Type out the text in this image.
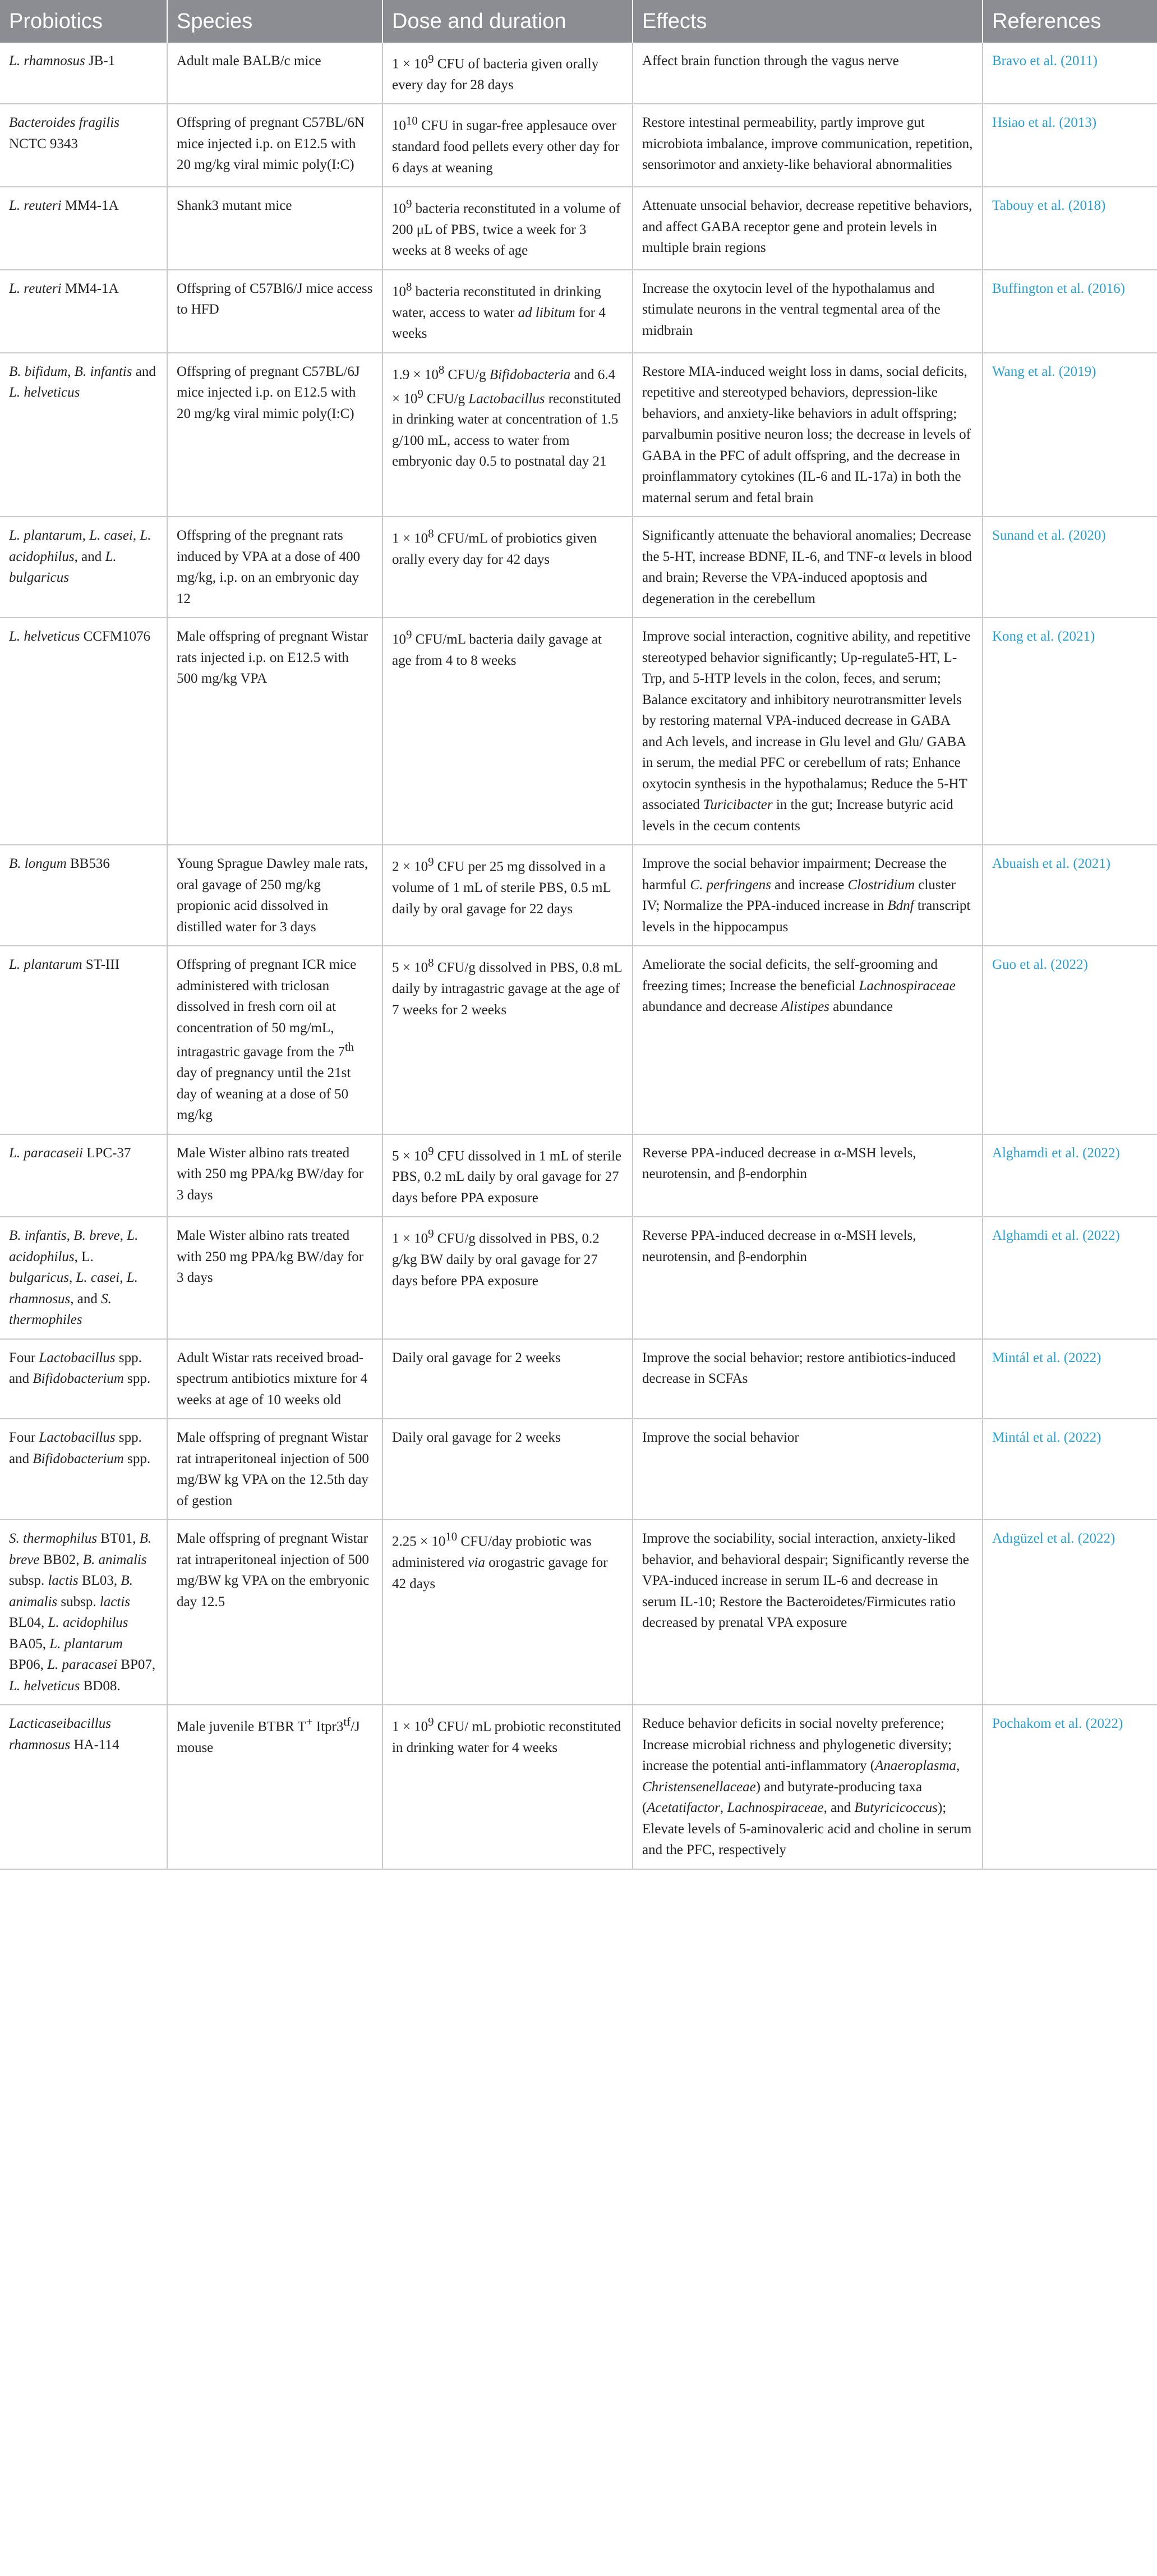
Probiotics	Species	Dose and duration	Effects	References
L. rhamnosus JB-1	Adult male BALB/c mice	$1 \times 10^9$ CFU of bacteria given orally every day for 28 days	Affect brain function through the vagus nerve	Bravo et al. (2011)
Bacteroides fragilis NCTC 9343	Offspring of pregnant C57BL/6N mice injected i.p. on E12.5 with 20 mg/kg viral mimic poly(I:C)	$10^{10}$ CFU in sugar-free applesauce over standard food pellets every other day for 6 days at weaning	Restore intestinal permeability, partly improve gut microbiota imbalance, improve communication, repetition, sensorimotor and anxiety-like behavioral abnormalities	Hsiao et al. (2013)
L. reuteri MM4-1A	Shank3 mutant mice	$10^9$ bacteria reconstituted in a volume of 200 μL of PBS, twice a week for 3 weeks at 8 weeks of age	Attenuate unsocial behavior, decrease repetitive behaviors, and affect GABA receptor gene and protein levels in multiple brain regions	Tabouy et al. (2018)
L. reuteri MM4-1A	Offspring of C57Bl6/J mice access to HFD	$10^8$ bacteria reconstituted in drinking water, access to water ad libitum for 4 weeks	Increase the oxytocin level of the hypothalamus and stimulate neurons in the ventral tegmental area of the midbrain	Buffington et al. (2016)
B. bifidum, B. infantis and L. helveticus	Offspring of pregnant C57BL/6J mice injected i.p. on E12.5 with 20 mg/kg viral mimic poly(I:C)	$1.9 \times 10^8$ CFU/g Bifidobacteria and $6.4 \times 10^9$ CFU/g Lactobacillus reconstituted in drinking water at concentration of 1.5 g/100 mL, access to water from embryonic day 0.5 to postnatal day 21	Restore MIA-induced weight loss in dams, social deficits, repetitive and stereotyped behaviors, depression-like behaviors, and anxiety-like behaviors in adult offspring; parvalbumin positive neuron loss; the decrease in levels of GABA in the PFC of adult offspring, and the decrease in proinflammatory cytokines (IL-6 and IL-17a) in both the maternal serum and fetal brain	Wang et al. (2019)
L. plantarum, L. casei, L. acidophilus, and L. bulgaricus	Offspring of the pregnant rats induced by VPA at a dose of 400 mg/kg, i.p. on an embryonic day 12	$1 \times 10^8$ CFU/mL of probiotics given orally every day for 42 days	Significantly attenuate the behavioral anomalies; Decrease the 5-HT, increase BDNF, IL-6, and TNF-α levels in blood and brain; Reverse the VPA-induced apoptosis and degeneration in the cerebellum	Sunand et al. (2020)
L. helveticus CCFM1076	Male offspring of pregnant Wistar rats injected i.p. on E12.5 with 500 mg/kg VPA	$10^9$ CFU/mL bacteria daily gavage at age from 4 to 8 weeks	Improve social interaction, cognitive ability, and repetitive stereotyped behavior significantly; Up-regulate5-HT, L-Trp, and 5-HTP levels in the colon, feces, and serum; Balance excitatory and inhibitory neurotransmitter levels by restoring maternal VPA-induced decrease in GABA and Ach levels, and increase in Glu level and Glu/ GABA in serum, the medial PFC or cerebellum of rats; Enhance oxytocin synthesis in the hypothalamus; Reduce the 5-HT associated Turicibacter in the gut; Increase butyric acid levels in the cecum contents	Kong et al. (2021)
B. longum BB536	Young Sprague Dawley male rats, oral gavage of 250 mg/kg propionic acid dissolved in distilled water for 3 days	$2 \times 10^9$ CFU per 25 mg dissolved in a volume of 1 mL of sterile PBS, 0.5 mL daily by oral gavage for 22 days	Improve the social behavior impairment; Decrease the harmful C. perfringens and increase Clostridium cluster IV; Normalize the PPA-induced increase in Bdnf transcript levels in the hippocampus	Abuaish et al. (2021)
L. plantarum ST-III	Offspring of pregnant ICR mice administered with triclosan dissolved in fresh corn oil at concentration of 50 mg/mL, intragastric gavage from the 7th day of pregnancy until the 21st day of weaning at a dose of 50 mg/kg	$5 \times 10^8$ CFU/g dissolved in PBS, 0.8 mL daily by intragastric gavage at the age of 7 weeks for 2 weeks	Ameliorate the social deficits, the self-grooming and freezing times; Increase the beneficial Lachnospiraceae abundance and decrease Alistipes abundance	Guo et al. (2022)
L. paracaseii LPC-37	Male Wister albino rats treated with 250 mg PPA/kg BW/day for 3 days	$5 \times 10^9$ CFU dissolved in 1 mL of sterile PBS, 0.2 mL daily by oral gavage for 27 days before PPA exposure	Reverse PPA-induced decrease in α-MSH levels, neurotensin, and β-endorphin	Alghamdi et al. (2022)
B. infantis, B. breve, L. acidophilus, L. bulgaricus, L. casei, L. rhamnosus, and S. thermophiles	Male Wister albino rats treated with 250 mg PPA/kg BW/day for 3 days	$1 \times 10^9$ CFU/g dissolved in PBS, 0.2 g/kg BW daily by oral gavage for 27 days before PPA exposure	Reverse PPA-induced decrease in α-MSH levels, neurotensin, and β-endorphin	Alghamdi et al. (2022)
Four Lactobacillus spp. and Bifidobacterium spp.	Adult Wistar rats received broad-spectrum antibiotics mixture for 4 weeks at age of 10 weeks old	Daily oral gavage for 2 weeks	Improve the social behavior; restore antibiotics-induced decrease in SCFAs	Mintál et al. (2022)
Four Lactobacillus spp. and Bifidobacterium spp.	Male offspring of pregnant Wistar rat intraperitoneal injection of 500 mg/BW kg VPA on the 12.5th day of gestion	Daily oral gavage for 2 weeks	Improve the social behavior	Mintál et al. (2022)
S. thermophilus BT01, B. breve BB02, B. animalis subsp. lactis BL03, B. animalis subsp. lactis BL04, L. acidophilus BA05, L. plantarum BP06, L. paracasei BP07, L. helveticus BD08.	Male offspring of pregnant Wistar rat intraperitoneal injection of 500 mg/BW kg VPA on the embryonic day 12.5	$2.25 \times 10^{10}$ CFU/day probiotic was administered via orogastric gavage for 42 days	Improve the sociability, social interaction, anxiety-liked behavior, and behavioral despair; Significantly reverse the VPA-induced increase in serum IL-6 and decrease in serum IL-10; Restore the Bacteroidetes/Firmicutes ratio decreased by prenatal VPA exposure	Adıgüzel et al. (2022)
Lacticaseibacillus rhamnosus HA-114	Male juvenile BTBR T+ $Itpr3^{tf}/J$ mouse	$1 \times 10^9$ CFU/ mL probiotic reconstituted in drinking water for 4 weeks	Reduce behavior deficits in social novelty preference; Increase microbial richness and phylogenetic diversity; increase the potential anti-inflammatory (Anaeroplasma, Christensenellaceae) and butyrate-producing taxa (Acetatifactor, Lachnospiraceae, and Butyricicoccus); Elevate levels of 5-aminovaleric acid and choline in serum and the PFC, respectively	Pochakom et al. (2022)
